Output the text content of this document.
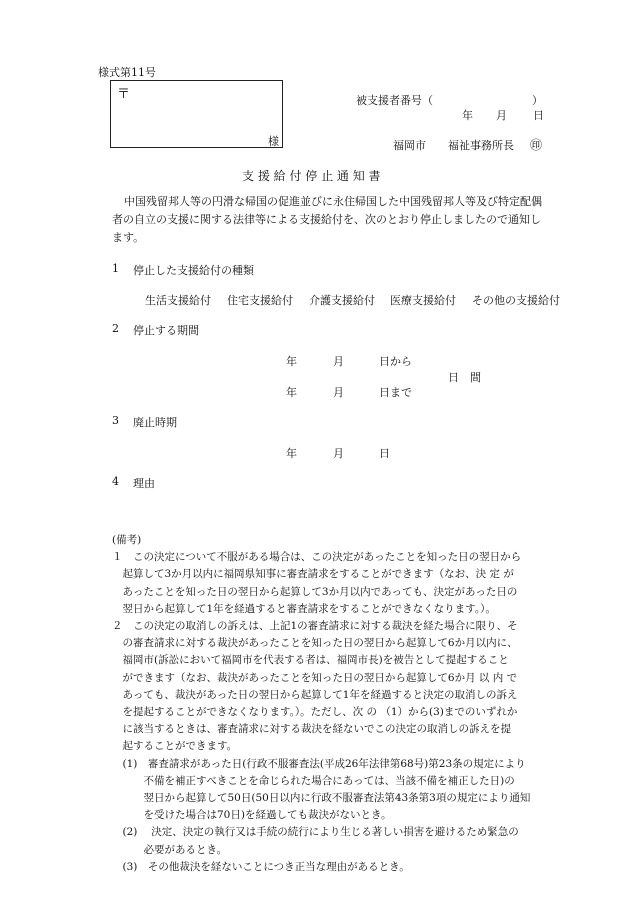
様式第11号
〒
様
被支援者番号（	）
年 月 日
福岡市 福祉事務所長 ㊞
支 援 給 付 停 止 通 知 書
中国残留邦人等の円滑な帰国の促進並びに永住帰国した中国残留邦人等及び特定配偶
者の自立の支援に関する法律等による支援給付を、次のとおり停止しましたので通知し
ます。
1 停止した支援給付の種類
生活支援給付 住宅支援給付 介護支援給付 医療支援給付 その他の支援給付
2 停止する期間
年	月	日から
日 間
年	月	日まで
3 廃止時期
年	月	日
4 理由
(備考)
１　この決定について不服がある場合は、この決定があったことを知った日の翌日から
　起算して3か月以内に福岡県知事に審査請求をすることができます（なお、決 定 が
　あったことを知った日の翌日から起算して3か月以内であっても、決定があった日の
　翌日から起算して1年を経過すると審査請求をすることができなくなります。）。
２　この決定の取消しの訴えは、上記1の審査請求に対する裁決を経た場合に限り、そ
　の審査請求に対する裁決があったことを知った日の翌日から起算して6か月以内に、
　福岡市(訴訟において福岡市を代表する者は、福岡市長)を被告として提起すること
　ができます（なお、裁決があったことを知った日の翌日から起算して6か月 以 内 で
　あっても、裁決があった日の翌日から起算して1年を経過すると決定の取消しの訴え
　を提起することができなくなります。）。ただし、次 の （1）から(3)までのいずれか
　に該当するときは、審査請求に対する裁決を経ないでこの決定の取消しの訴えを提
　起することができます。
　(1)　審査請求があった日(行政不服審査法(平成26年法律第68号)第23条の規定により
　　　不備を補正すべきことを命じられた場合にあっては、当該不備を補正した日)の
　　　翌日から起算して50日(50日以内に行政不服審査法第43条第3項の規定により通知
　　　を受けた場合は70日)を経過しても裁決がないとき。
　(2)　 決定、決定の執行又は手続の続行により生じる著しい損害を避けるため緊急の
　　　必要があるとき。
　(3)　その他裁決を経ないことにつき正当な理由があるとき。
